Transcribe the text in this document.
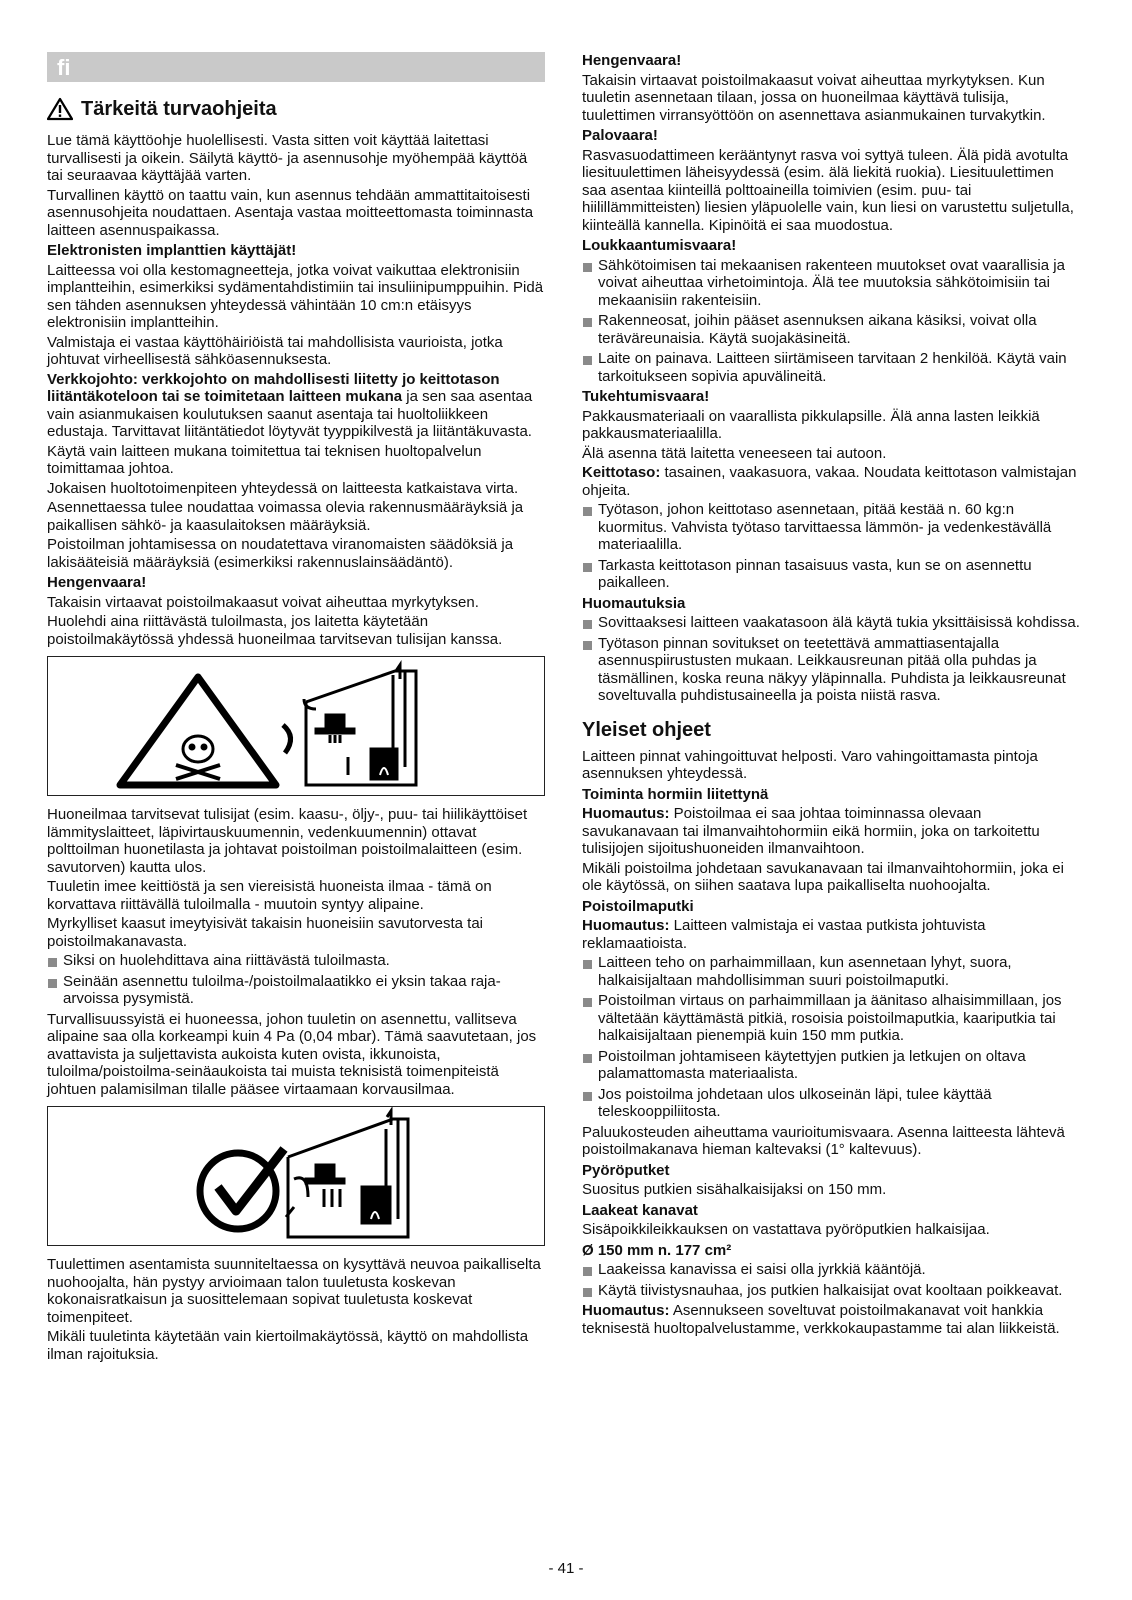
fi
Tärkeitä turvaohjeita

Lue tämä käyttöohje huolellisesti. Vasta sitten voit käyttää laitettasi turvallisesti ja oikein. Säilytä käyttö- ja asennusohje myöhempää käyttöä tai seuraavaa käyttäjää varten.

Turvallinen käyttö on taattu vain, kun asennus tehdään ammattitaitoisesti asennusohjeita noudattaen. Asentaja vastaa moitteettomasta toiminnasta laitteen asennuspaikassa.

Elektronisten implanttien käyttäjät!

Laitteessa voi olla kestomagneetteja, jotka voivat vaikuttaa elektronisiin implantteihin, esimerkiksi sydämentahdistimiin tai insuliinipumppuihin. Pidä sen tähden asennuksen yhteydessä vähintään 10 cm:n etäisyys elektronisiin implantteihin.

Valmistaja ei vastaa käyttöhäiriöistä tai mahdollisista vaurioista, jotka johtuvat virheellisestä sähköasennuksesta.

Verkkojohto: verkkojohto on mahdollisesti liitetty jo keittotason liitäntäkoteloon tai se toimitetaan laitteen mukana ja sen saa asentaa vain asianmukaisen koulutuksen saanut asentaja tai huoltoliikkeen edustaja. Tarvittavat liitäntätiedot löytyvät tyyppikilvestä ja liitäntäkuvasta.

Käytä vain laitteen mukana toimitettua tai teknisen huoltopalvelun toimittamaa johtoa.

Jokaisen huoltotoimenpiteen yhteydessä on laitteesta katkaistava virta.

Asennettaessa tulee noudattaa voimassa olevia rakennusmääräyksiä ja paikallisen sähkö- ja kaasulaitoksen määräyksiä.

Poistoilman johtamisessa on noudatettava viranomaisten säädöksiä ja lakisääteisiä määräyksiä (esimerkiksi rakennuslainsäädäntö).

Hengenvaara!

Takaisin virtaavat poistoilmakaasut voivat aiheuttaa myrkytyksen.

Huolehdi aina riittävästä tuloilmasta, jos laitetta käytetään poistoilmakäytössä yhdessä huoneilmaa tarvitsevan tulisijan kanssa.

Huoneilmaa tarvitsevat tulisijat (esim. kaasu-, öljy-, puu- tai hiilikäyttöiset lämmityslaitteet, läpivirtauskuumennin, vedenkuumennin) ottavat polttoilman huonetilasta ja johtavat poistoilman poistoilmalaitteen (esim. savutorven) kautta ulos.

Tuuletin imee keittiöstä ja sen viereisistä huoneista ilmaa - tämä on korvattava riittävällä tuloilmalla - muutoin syntyy alipaine.

Myrkylliset kaasut imeytyisivät takaisin huoneisiin savutorvesta tai poistoilmakanavasta.

Siksi on huolehdittava aina riittävästä tuloilmasta.
Seinään asennettu tuloilma-/poistoilmalaatikko ei yksin takaa raja-arvoissa pysymistä.

Turvallisuussyistä ei huoneessa, johon tuuletin on asennettu, vallitseva alipaine saa olla korkeampi kuin 4 Pa (0,04 mbar). Tämä saavutetaan, jos avattavista ja suljettavista aukoista kuten ovista, ikkunoista, tuloilma/poistoilma-seinäaukoista tai muista teknisistä toimenpiteistä johtuen palamisilman tilalle pääsee virtaamaan korvausilmaa.

Tuulettimen asentamista suunniteltaessa on kysyttävä neuvoa paikalliselta nuohoojalta, hän pystyy arvioimaan talon tuuletusta koskevan kokonaisratkaisun ja suosittelemaan sopivat tuuletusta koskevat toimenpiteet.

Mikäli tuuletinta käytetään vain kiertoilmakäytössä, käyttö on mahdollista ilman rajoituksia.

Hengenvaara!

Takaisin virtaavat poistoilmakaasut voivat aiheuttaa myrkytyksen. Kun tuuletin asennetaan tilaan, jossa on huoneilmaa käyttävä tulisija, tuulettimen virransyöttöön on asennettava asianmukainen turvakytkin.

Palovaara!

Rasvasuodattimeen kerääntynyt rasva voi syttyä tuleen. Älä pidä avotulta liesituulettimen läheisyydessä (esim. älä liekitä ruokia). Liesituulettimen saa asentaa kiinteillä polttoaineilla toimivien (esim. puu- tai hiilillämmitteisten) liesien yläpuolelle vain, kun liesi on varustettu suljetulla, kiinteällä kannella. Kipinöitä ei saa muodostua.

Loukkaantumisvaara!

Sähkötoimisen tai mekaanisen rakenteen muutokset ovat vaarallisia ja voivat aiheuttaa virhetoimintoja. Älä tee muutoksia sähkötoimisiin tai mekaanisiin rakenteisiin.
Rakenneosat, joihin pääset asennuksen aikana käsiksi, voivat olla teräväreunaisia. Käytä suojakäsineitä.
Laite on painava. Laitteen siirtämiseen tarvitaan 2 henkilöä. Käytä vain tarkoitukseen sopivia apuvälineitä.

Tukehtumisvaara!

Pakkausmateriaali on vaarallista pikkulapsille. Älä anna lasten leikkiä pakkausmateriaalilla.

Älä asenna tätä laitetta veneeseen tai autoon.

Keittotaso: tasainen, vaakasuora, vakaa. Noudata keittotason valmistajan ohjeita.

Työtason, johon keittotaso asennetaan, pitää kestää n. 60 kg:n kuormitus. Vahvista työtaso tarvittaessa lämmön- ja vedenkestävällä materiaalilla.
Tarkasta keittotason pinnan tasaisuus vasta, kun se on asennettu paikalleen.

Huomautuksia

Sovittaaksesi laitteen vaakatasoon älä käytä tukia yksittäisissä kohdissa.
Työtason pinnan sovitukset on teetettävä ammattiasentajalla asennuspiirustusten mukaan. Leikkausreunan pitää olla puhdas ja täsmällinen, koska reuna näkyy yläpinnalla. Puhdista ja leikkausreunat soveltuvalla puhdistusaineella ja poista niistä rasva.
Yleiset ohjeet

Laitteen pinnat vahingoittuvat helposti. Varo vahingoittamasta pintoja asennuksen yhteydessä.

Toiminta hormiin liitettynä

Huomautus: Poistoilmaa ei saa johtaa toiminnassa olevaan savukanavaan tai ilmanvaihtohormiin eikä hormiin, joka on tarkoitettu tulisijojen sijoitushuoneiden ilmanvaihtoon.

Mikäli poistoilma johdetaan savukanavaan tai ilmanvaihtohormiin, joka ei ole käytössä, on siihen saatava lupa paikalliselta nuohoojalta.

Poistoilmaputki

Huomautus: Laitteen valmistaja ei vastaa putkista johtuvista reklamaatioista.

Laitteen teho on parhaimmillaan, kun asennetaan lyhyt, suora, halkaisijaltaan mahdollisimman suuri poistoilmaputki.
Poistoilman virtaus on parhaimmillaan ja äänitaso alhaisimmillaan, jos vältetään käyttämästä pitkiä, rosoisia poistoilmaputkia, kaariputkia tai halkaisijaltaan pienempiä kuin 150 mm putkia.
Poistoilman johtamiseen käytettyjen putkien ja letkujen on oltava palamattomasta materiaalista.
Jos poistoilma johdetaan ulos ulkoseinän läpi, tulee käyttää teleskooppiliitosta.

Paluukosteuden aiheuttama vaurioitumisvaara. Asenna laitteesta lähtevä poistoilmakanava hieman kaltevaksi (1° kaltevuus).

Pyöröputket

Suositus putkien sisähalkaisijaksi on 150 mm.

Laakeat kanavat

Sisäpoikkileikkauksen on vastattava pyöröputkien halkaisijaa.

Ø 150 mm n. 177 cm²

Laakeissa kanavissa ei saisi olla jyrkkiä kääntöjä.
Käytä tiivistysnauhaa, jos putkien halkaisijat ovat kooltaan poikkeavat.

Huomautus: Asennukseen soveltuvat poistoilmakanavat voit hankkia teknisestä huoltopalvelustamme, verkkokaupastamme tai alan liikkeistä.

- 41 -
